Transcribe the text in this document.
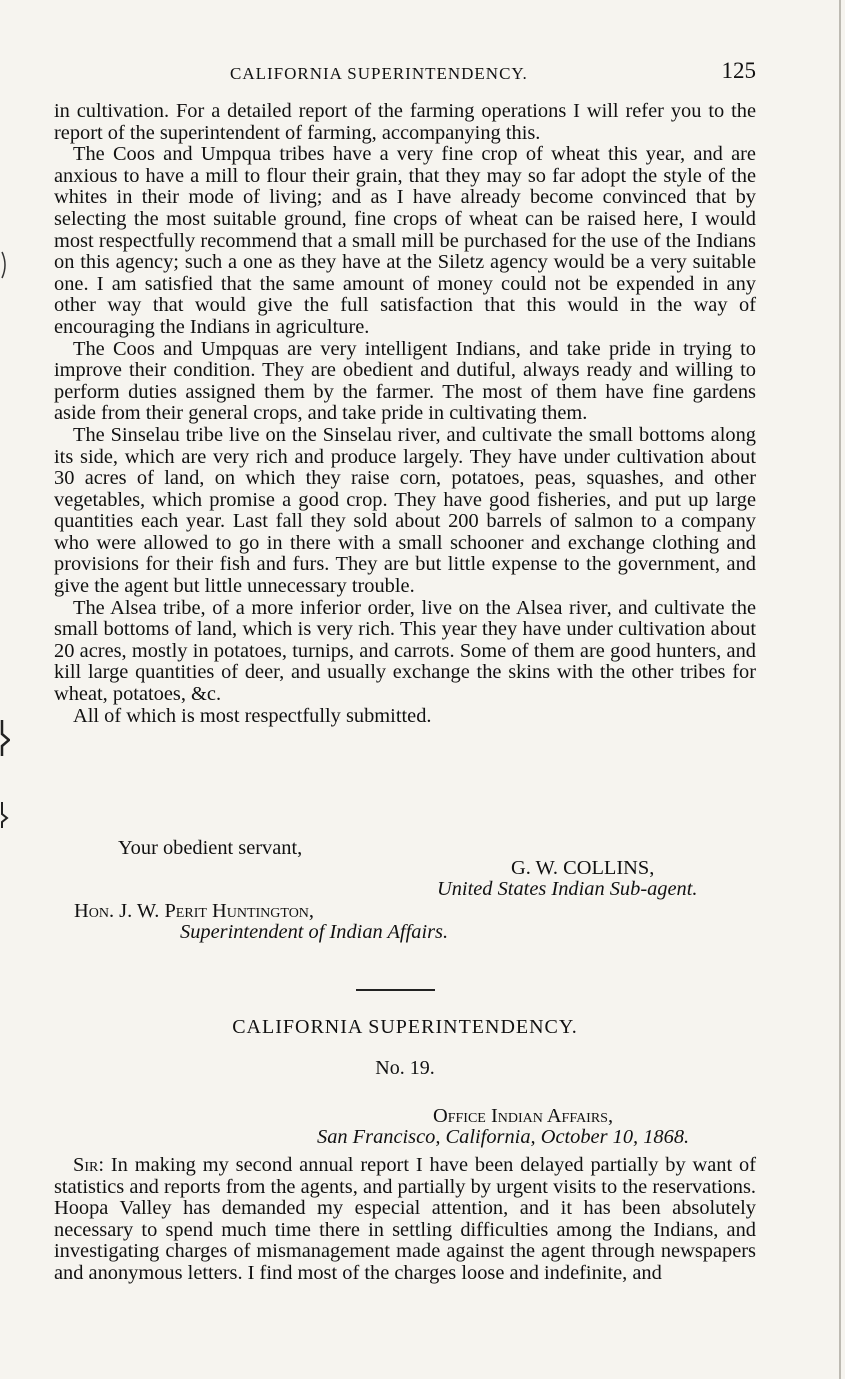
CALIFORNIA SUPERINTENDENCY.	125

in cultivation. For a detailed report of the farming operations I will refer you to the report of the superintendent of farming, accompanying this.

The Coos and Umpqua tribes have a very fine crop of wheat this year, and are anxious to have a mill to flour their grain, that they may so far adopt the style of the whites in their mode of living; and as I have already become convinced that by selecting the most suitable ground, fine crops of wheat can be raised here, I would most respectfully recommend that a small mill be purchased for the use of the Indians on this agency; such a one as they have at the Siletz agency would be a very suitable one. I am satisfied that the same amount of money could not be expended in any other way that would give the full satisfaction that this would in the way of encouraging the Indians in agriculture.

The Coos and Umpquas are very intelligent Indians, and take pride in trying to improve their condition. They are obedient and dutiful, always ready and willing to perform duties assigned them by the farmer. The most of them have fine gardens aside from their general crops, and take pride in cultivating them.

The Sinselau tribe live on the Sinselau river, and cultivate the small bottoms along its side, which are very rich and produce largely. They have under cultivation about 30 acres of land, on which they raise corn, potatoes, peas, squashes, and other vegetables, which promise a good crop. They have good fisheries, and put up large quantities each year. Last fall they sold about 200 barrels of salmon to a company who were allowed to go in there with a small schooner and exchange clothing and provisions for their fish and furs. They are but little expense to the government, and give the agent but little unnecessary trouble.

The Alsea tribe, of a more inferior order, live on the Alsea river, and cultivate the small bottoms of land, which is very rich. This year they have under cultivation about 20 acres, mostly in potatoes, turnips, and carrots. Some of them are good hunters, and kill large quantities of deer, and usually exchange the skins with the other tribes for wheat, potatoes, &c.

All of which is most respectfully submitted.

Your obedient servant,
G. W. COLLINS,
United States Indian Sub-agent.
Hon. J. W. Perit Huntington,
Superintendent of Indian Affairs.
CALIFORNIA SUPERINTENDENCY.
No. 19.
Office Indian Affairs,
San Francisco, California, October 10, 1868.

Sir: In making my second annual report I have been delayed partially by want of statistics and reports from the agents, and partially by urgent visits to the reservations. Hoopa Valley has demanded my especial attention, and it has been absolutely necessary to spend much time there in settling difficulties among the Indians, and investigating charges of mismanagement made against the agent through newspapers and anonymous letters. I find most of the charges loose and indefinite, and
